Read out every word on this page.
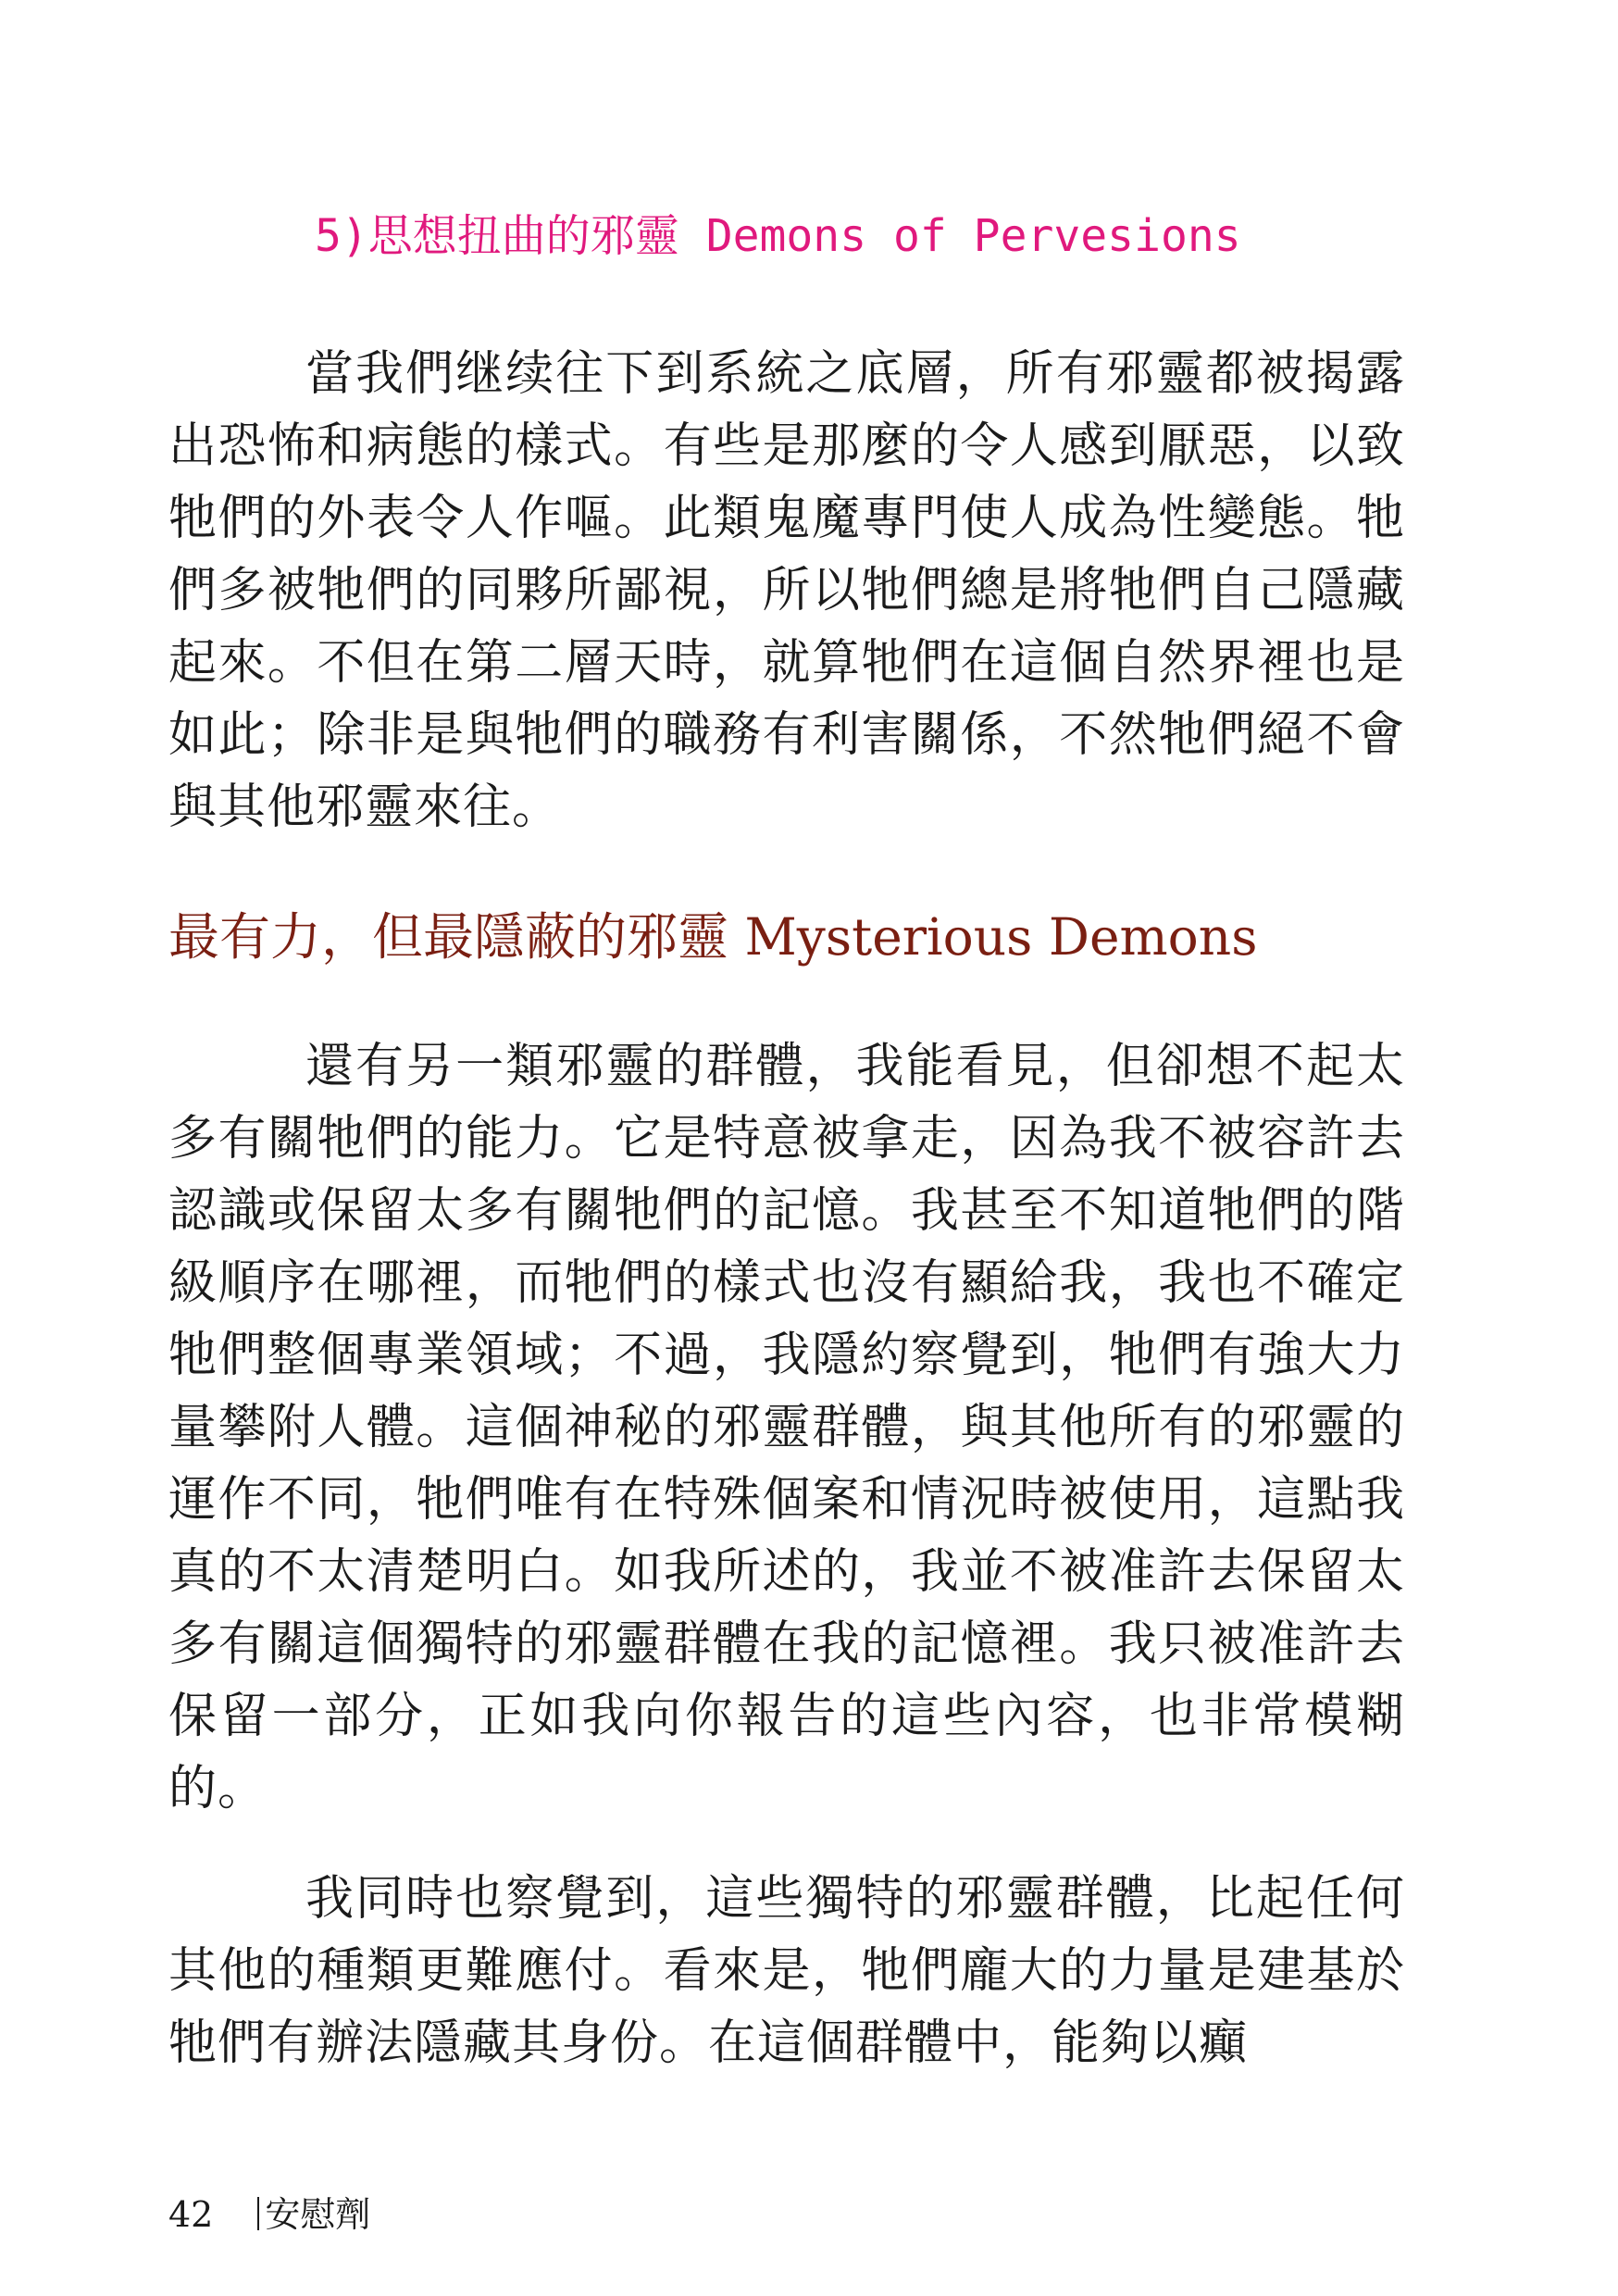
5)思想扭曲的邪靈 Demons of Pervesions

當我們继续往下到系統之底層，所有邪靈都被揭露出恐怖和病態的樣式。有些是那麼的令人感到厭惡，以致牠們的外表令人作嘔。此類鬼魔專門使人成為性變態。牠們多被牠們的同夥所鄙視，所以牠們總是將牠們自己隱藏起來。不但在第二層天時，就算牠們在這個自然界裡也是如此；除非是與牠們的職務有利害關係，不然牠們絕不會與其他邪靈來往。

最有力，但最隱蔽的邪靈 Mysterious Demons

還有另一類邪靈的群體，我能看見，但卻想不起太多有關牠們的能力。它是特意被拿走，因為我不被容許去認識或保留太多有關牠們的記憶。我甚至不知道牠們的階級順序在哪裡，而牠們的樣式也沒有顯給我，我也不確定牠們整個專業領域；不過，我隱約察覺到，牠們有強大力量攀附人體。這個神秘的邪靈群體，與其他所有的邪靈的運作不同，牠們唯有在特殊個案和情況時被使用，這點我真的不太清楚明白。如我所述的，我並不被准許去保留太多有關這個獨特的邪靈群體在我的記憶裡。我只被准許去保留一部分，正如我向你報告的這些內容，也非常模糊的。

我同時也察覺到，這些獨特的邪靈群體，比起任何其他的種類更難應付。看來是，牠們龐大的力量是建基於牠們有辦法隱藏其身份。在這個群體中，能夠以癲

42 安慰劑
